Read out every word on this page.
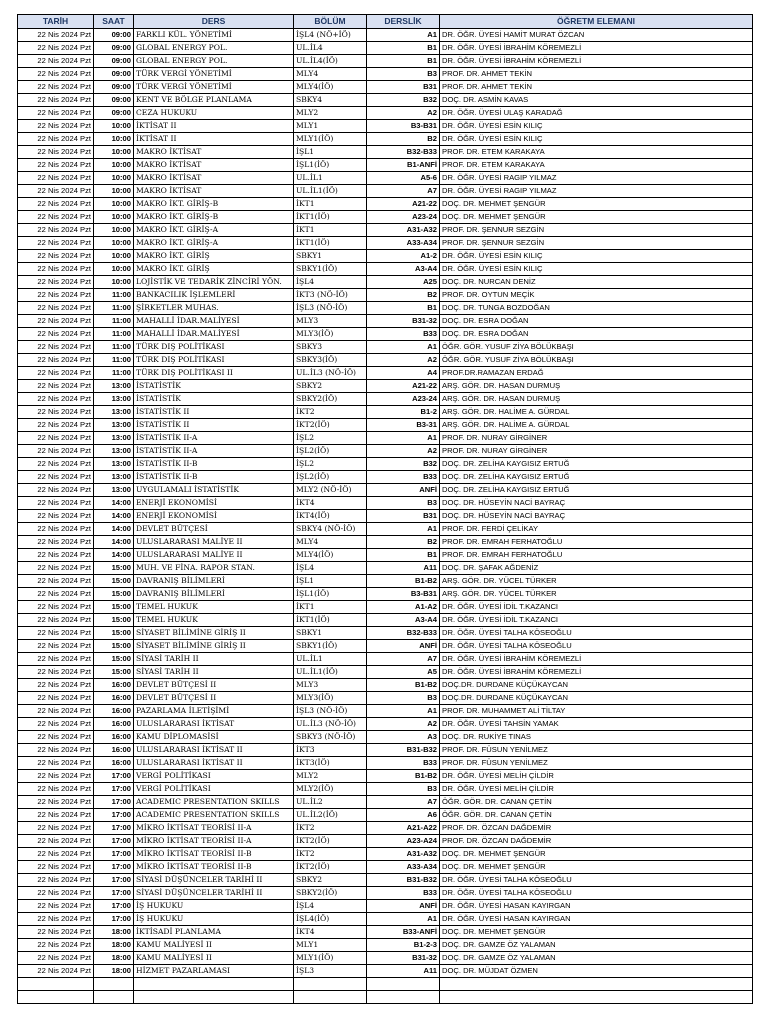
TARİH	SAAT	DERS	BÖLÜM	DERSLİK	ÖĞRETM ELEMANI
22 Nis 2024 Pzt	09:00	FARKLI KÜL. YÖNETİMİ	İŞL4 (NÖ+İÖ)	A1	DR. ÖĞR. ÜYESİ HAMİT MURAT ÖZCAN
22 Nis 2024 Pzt	09:00	GLOBAL ENERGY POL.	UL.İL4	B1	DR. ÖĞR. ÜYESİ İBRAHİM KÖREMEZLİ
22 Nis 2024 Pzt	09:00	GLOBAL ENERGY POL.	UL.İL4(İÖ)	B1	DR. ÖĞR. ÜYESİ İBRAHİM KÖREMEZLİ
22 Nis 2024 Pzt	09:00	TÜRK VERGİ YÖNETİMİ	MLY4	B3	PROF. DR. AHMET TEKİN
22 Nis 2024 Pzt	09:00	TÜRK VERGİ YÖNETİMİ	MLY4(İÖ)	B31	PROF. DR. AHMET TEKİN
22 Nis 2024 Pzt	09:00	KENT VE BÖLGE PLANLAMA	SBKY4	B32	DOÇ. DR. ASMİN KAVAS
22 Nis 2024 Pzt	09:00	CEZA HUKUKU	MLY2	A2	DR. ÖĞR. ÜYESİ ULAŞ KARADAĞ
22 Nis 2024 Pzt	10:00	İKTİSAT II	MLY1	B3-B31	DR. ÖĞR. ÜYESİ ESİN KILIÇ
22 Nis 2024 Pzt	10:00	İKTİSAT II	MLY1(İÖ)	B2	DR. ÖĞR. ÜYESİ ESİN KILIÇ
22 Nis 2024 Pzt	10:00	MAKRO İKTİSAT	İŞL1	B32-B33	PROF. DR. ETEM KARAKAYA
22 Nis 2024 Pzt	10:00	MAKRO İKTİSAT	İŞL1(İÖ)	B1-ANFİ	PROF. DR. ETEM KARAKAYA
22 Nis 2024 Pzt	10:00	MAKRO İKTİSAT	UL.İL1	A5-6	DR. ÖĞR. ÜYESİ RAGIP YILMAZ
22 Nis 2024 Pzt	10:00	MAKRO İKTİSAT	UL.İL1(İÖ)	A7	DR. ÖĞR. ÜYESİ RAGIP YILMAZ
22 Nis 2024 Pzt	10:00	MAKRO İKT. GİRİŞ-B	İKT1	A21-22	DOÇ. DR. MEHMET ŞENGÜR
22 Nis 2024 Pzt	10:00	MAKRO İKT. GİRİŞ-B	İKT1(İÖ)	A23-24	DOÇ. DR. MEHMET ŞENGÜR
22 Nis 2024 Pzt	10:00	MAKRO İKT. GİRİŞ-A	İKT1	A31-A32	PROF. DR. ŞENNUR SEZGİN
22 Nis 2024 Pzt	10:00	MAKRO İKT. GİRİŞ-A	İKT1(İÖ)	A33-A34	PROF. DR. ŞENNUR SEZGİN
22 Nis 2024 Pzt	10:00	MAKRO İKT. GİRİŞ	SBKY1	A1-2	DR. ÖĞR. ÜYESİ ESİN KILIÇ
22 Nis 2024 Pzt	10:00	MAKRO İKT. GİRİŞ	SBKY1(İÖ)	A3-A4	DR. ÖĞR. ÜYESİ ESİN KILIÇ
22 Nis 2024 Pzt	10:00	LOJİSTİK VE TEDARİK ZİNCİRİ YÖN.	İŞL4	A25	DOÇ. DR. NURCAN DENİZ
22 Nis 2024 Pzt	11:00	BANKACILIK İŞLEMLERİ	İKT3 (NÖ-İÖ)	B2	PROF. DR. OYTUN MEÇİK
22 Nis 2024 Pzt	11:00	ŞİRKETLER MUHAS.	İŞL3 (NÖ-İÖ)	B1	DOÇ. DR. TUNGA BOZDOĞAN
22 Nis 2024 Pzt	11:00	MAHALLİ İDAR.MALİYESİ	MLY3	B31-32	DOÇ. DR. ESRA DOĞAN
22 Nis 2024 Pzt	11:00	MAHALLİ İDAR.MALİYESİ	MLY3(İÖ)	B33	DOÇ. DR. ESRA DOĞAN
22 Nis 2024 Pzt	11:00	TÜRK DIŞ POLİTİKASI	SBKY3	A1	ÖĞR. GÖR. YUSUF ZİYA BÖLÜKBAŞI
22 Nis 2024 Pzt	11:00	TÜRK DIŞ POLİTİKASI	SBKY3(İÖ)	A2	ÖĞR. GÖR. YUSUF ZİYA BÖLÜKBAŞI
22 Nis 2024 Pzt	11:00	TÜRK DIŞ POLİTİKASI II	UL.İL3 (NÖ-İÖ)	A4	PROF.DR.RAMAZAN ERDAĞ
22 Nis 2024 Pzt	13:00	İSTATİSTİK	SBKY2	A21-22	ARŞ. GÖR. DR. HASAN DURMUŞ
22 Nis 2024 Pzt	13:00	İSTATİSTİK	SBKY2(İÖ)	A23-24	ARŞ. GÖR. DR. HASAN DURMUŞ
22 Nis 2024 Pzt	13:00	İSTATİSTİK II	İKT2	B1-2	ARŞ. GÖR. DR. HALİME A. GÜRDAL
22 Nis 2024 Pzt	13:00	İSTATİSTİK II	İKT2(İÖ)	B3-31	ARŞ. GÖR. DR. HALİME A. GÜRDAL
22 Nis 2024 Pzt	13:00	İSTATİSTİK II-A	İŞL2	A1	PROF. DR. NURAY GİRGİNER
22 Nis 2024 Pzt	13:00	İSTATİSTİK II-A	İŞL2(İÖ)	A2	PROF. DR. NURAY GİRGİNER
22 Nis 2024 Pzt	13:00	İSTATİSTİK II-B	İŞL2	B32	DOÇ. DR. ZELİHA KAYGISIZ ERTUĞ
22 Nis 2024 Pzt	13:00	İSTATİSTİK II-B	İŞL2(İÖ)	B33	DOÇ. DR. ZELİHA KAYGISIZ ERTUĞ
22 Nis 2024 Pzt	13:00	UYGULAMALI İSTATİSTİK	MLY2 (NÖ-İÖ)	ANFİ	DOÇ. DR. ZELİHA KAYGISIZ ERTUĞ
22 Nis 2024 Pzt	14:00	ENERJİ EKONOMİSİ	İKT4	B3	DOÇ. DR. HÜSEYİN NACİ BAYRAÇ
22 Nis 2024 Pzt	14:00	ENERJİ EKONOMİSİ	İKT4(İÖ)	B31	DOÇ. DR. HÜSEYİN NACİ BAYRAÇ
22 Nis 2024 Pzt	14:00	DEVLET BÜTÇESİ	SBKY4 (NÖ-İÖ)	A1	PROF. DR. FERDİ ÇELİKAY
22 Nis 2024 Pzt	14:00	ULUSLARARASI MALİYE II	MLY4	B2	PROF. DR. EMRAH FERHATOĞLU
22 Nis 2024 Pzt	14:00	ULUSLARARASI MALİYE II	MLY4(İÖ)	B1	PROF. DR. EMRAH FERHATOĞLU
22 Nis 2024 Pzt	15:00	MUH. VE FİNA. RAPOR STAN.	İŞL4	A11	DOÇ. DR. ŞAFAK AĞDENİZ
22 Nis 2024 Pzt	15:00	DAVRANIŞ BİLİMLERİ	İŞL1	B1-B2	ARŞ. GÖR. DR. YÜCEL TÜRKER
22 Nis 2024 Pzt	15:00	DAVRANIŞ BİLİMLERİ	İŞL1(İÖ)	B3-B31	ARŞ. GÖR. DR. YÜCEL TÜRKER
22 Nis 2024 Pzt	15:00	TEMEL HUKUK	İKT1	A1-A2	DR. ÖĞR. ÜYESİ İDİL T.KAZANCI
22 Nis 2024 Pzt	15:00	TEMEL HUKUK	İKT1(İÖ)	A3-A4	DR. ÖĞR. ÜYESİ İDİL T.KAZANCI
22 Nis 2024 Pzt	15:00	SİYASET BİLİMİNE GİRİŞ II	SBKY1	B32-B33	DR. ÖĞR. ÜYESİ TALHA KÖSEOĞLU
22 Nis 2024 Pzt	15:00	SİYASET BİLİMİNE GİRİŞ II	SBKY1(İÖ)	ANFİ	DR. ÖĞR. ÜYESİ TALHA KÖSEOĞLU
22 Nis 2024 Pzt	15:00	SİYASİ TARİH II	UL.İL1	A7	DR. ÖĞR. ÜYESİ İBRAHİM KÖREMEZLİ
22 Nis 2024 Pzt	15:00	SİYASİ TARİH II	UL.İL1(İÖ)	A5	DR. ÖĞR. ÜYESİ İBRAHİM KÖREMEZLİ
22 Nis 2024 Pzt	16:00	DEVLET BÜTÇESİ II	MLY3	B1-B2	DOÇ.DR. DURDANE KÜÇÜKAYCAN
22 Nis 2024 Pzt	16:00	DEVLET BÜTÇESİ II	MLY3(İÖ)	B3	DOÇ.DR. DURDANE KÜÇÜKAYCAN
22 Nis 2024 Pzt	16:00	PAZARLAMA İLETİŞİMİ	İŞL3 (NÖ-İÖ)	A1	PROF. DR. MUHAMMET ALİ TİLTAY
22 Nis 2024 Pzt	16:00	ULUSLARARASI İKTİSAT	UL.İL3 (NÖ-İÖ)	A2	DR. ÖĞR. ÜYESİ TAHSİN YAMAK
22 Nis 2024 Pzt	16:00	KAMU DİPLOMASİSİ	SBKY3 (NÖ-İÖ)	A3	DOÇ. DR. RUKİYE TINAS
22 Nis 2024 Pzt	16:00	ULUSLARARASI İKTİSAT II	İKT3	B31-B32	PROF. DR. FÜSUN YENİLMEZ
22 Nis 2024 Pzt	16:00	ULUSLARARASI İKTİSAT II	İKT3(İÖ)	B33	PROF. DR. FÜSUN YENİLMEZ
22 Nis 2024 Pzt	17:00	VERGİ POLİTİKASI	MLY2	B1-B2	DR. ÖĞR. ÜYESİ MELİH ÇİLDİR
22 Nis 2024 Pzt	17:00	VERGİ POLİTİKASI	MLY2(İÖ)	B3	DR. ÖĞR. ÜYESİ MELİH ÇİLDİR
22 Nis 2024 Pzt	17:00	ACADEMIC PRESENTATION SKILLS	UL.İL2	A7	ÖĞR. GÖR. DR. CANAN ÇETİN
22 Nis 2024 Pzt	17:00	ACADEMIC PRESENTATION SKILLS	UL.İL2(İÖ)	A6	ÖĞR. GÖR. DR. CANAN ÇETİN
22 Nis 2024 Pzt	17:00	MİKRO İKTİSAT TEORİSİ II-A	İKT2	A21-A22	PROF. DR. ÖZCAN DAĞDEMİR
22 Nis 2024 Pzt	17:00	MİKRO İKTİSAT TEORİSİ II-A	İKT2(İÖ)	A23-A24	PROF. DR. ÖZCAN DAĞDEMİR
22 Nis 2024 Pzt	17:00	MİKRO İKTİSAT TEORİSİ II-B	İKT2	A31-A32	DOÇ. DR. MEHMET ŞENGÜR
22 Nis 2024 Pzt	17:00	MİKRO İKTİSAT TEORİSİ II-B	İKT2(İÖ)	A33-A34	DOÇ. DR. MEHMET ŞENGÜR
22 Nis 2024 Pzt	17:00	SİYASİ DÜŞÜNCELER TARİHİ II	SBKY2	B31-B32	DR. ÖĞR. ÜYESİ TALHA KÖSEOĞLU
22 Nis 2024 Pzt	17:00	SİYASİ DÜŞÜNCELER TARİHİ II	SBKY2(İÖ)	B33	DR. ÖĞR. ÜYESİ TALHA KÖSEOĞLU
22 Nis 2024 Pzt	17:00	İŞ HUKUKU	İŞL4	ANFİ	DR. ÖĞR. ÜYESİ HASAN KAYIRGAN
22 Nis 2024 Pzt	17:00	İŞ HUKUKU	İŞL4(İÖ)	A1	DR. ÖĞR. ÜYESİ HASAN KAYIRGAN
22 Nis 2024 Pzt	18:00	İKTİSADİ PLANLAMA	İKT4	B33-ANFİ	DOÇ. DR. MEHMET ŞENGÜR
22 Nis 2024 Pzt	18:00	KAMU MALİYESİ II	MLY1	B1-2-3	DOÇ. DR. GAMZE ÖZ YALAMAN
22 Nis 2024 Pzt	18:00	KAMU MALİYESİ II	MLY1(İÖ)	B31-32	DOÇ. DR. GAMZE ÖZ YALAMAN
22 Nis 2024 Pzt	18:00	HİZMET PAZARLAMASI	İŞL3	A11	DOÇ. DR. MÜJDAT ÖZMEN
